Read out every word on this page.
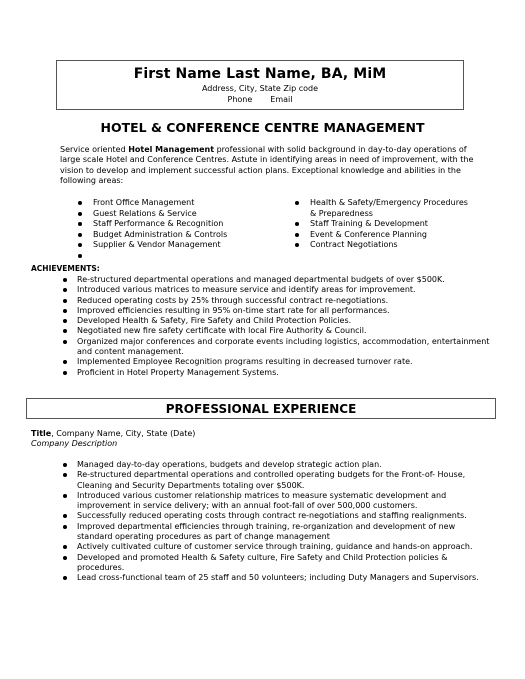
First Name Last Name, BA, MiM
Address, City, State Zip code
Phone Email
HOTEL & CONFERENCE CENTRE MANAGEMENT
Service oriented Hotel Management professional with solid background in day-to-day operations of large scale Hotel and Conference Centres. Astute in identifying areas in need of improvement, with the vision to develop and implement successful action plans. Exceptional knowledge and abilities in the following areas:
Front Office Management
Guest Relations & Service
Staff Performance & Recognition
Budget Administration & Controls
Supplier & Vendor Management
Health & Safety/Emergency Procedures & Preparedness
Staff Training & Development
Event & Conference Planning
Contract Negotiations
ACHIEVEMENTS:
Re-structured departmental operations and managed departmental budgets of over $500K.
Introduced various matrices to measure service and identify areas for improvement.
Reduced operating costs by 25% through successful contract re-negotiations.
Improved efficiencies resulting in 95% on-time start rate for all performances.
Developed Health & Safety, Fire Safety and Child Protection Policies.
Negotiated new fire safety certificate with local Fire Authority & Council.
Organized major conferences and corporate events including logistics, accommodation, entertainment and content management.
Implemented Employee Recognition programs resulting in decreased turnover rate.
Proficient in Hotel Property Management Systems.
PROFESSIONAL EXPERIENCE
Title, Company Name, City, State (Date)
Company Description
Managed day-to-day operations, budgets and develop strategic action plan.
Re-structured departmental operations and controlled operating budgets for the Front-of- House, Cleaning and Security Departments totaling over $500K.
Introduced various customer relationship matrices to measure systematic development and improvement in service delivery; with an annual foot-fall of over 500,000 customers.
Successfully reduced operating costs through contract re-negotiations and staffing realignments.
Improved departmental efficiencies through training, re-organization and development of new standard operating procedures as part of change management
Actively cultivated culture of customer service through training, guidance and hands-on approach.
Developed and promoted Health & Safety culture, Fire Safety and Child Protection policies & procedures.
Lead cross-functional team of 25 staff and 50 volunteers; including Duty Managers and Supervisors.
